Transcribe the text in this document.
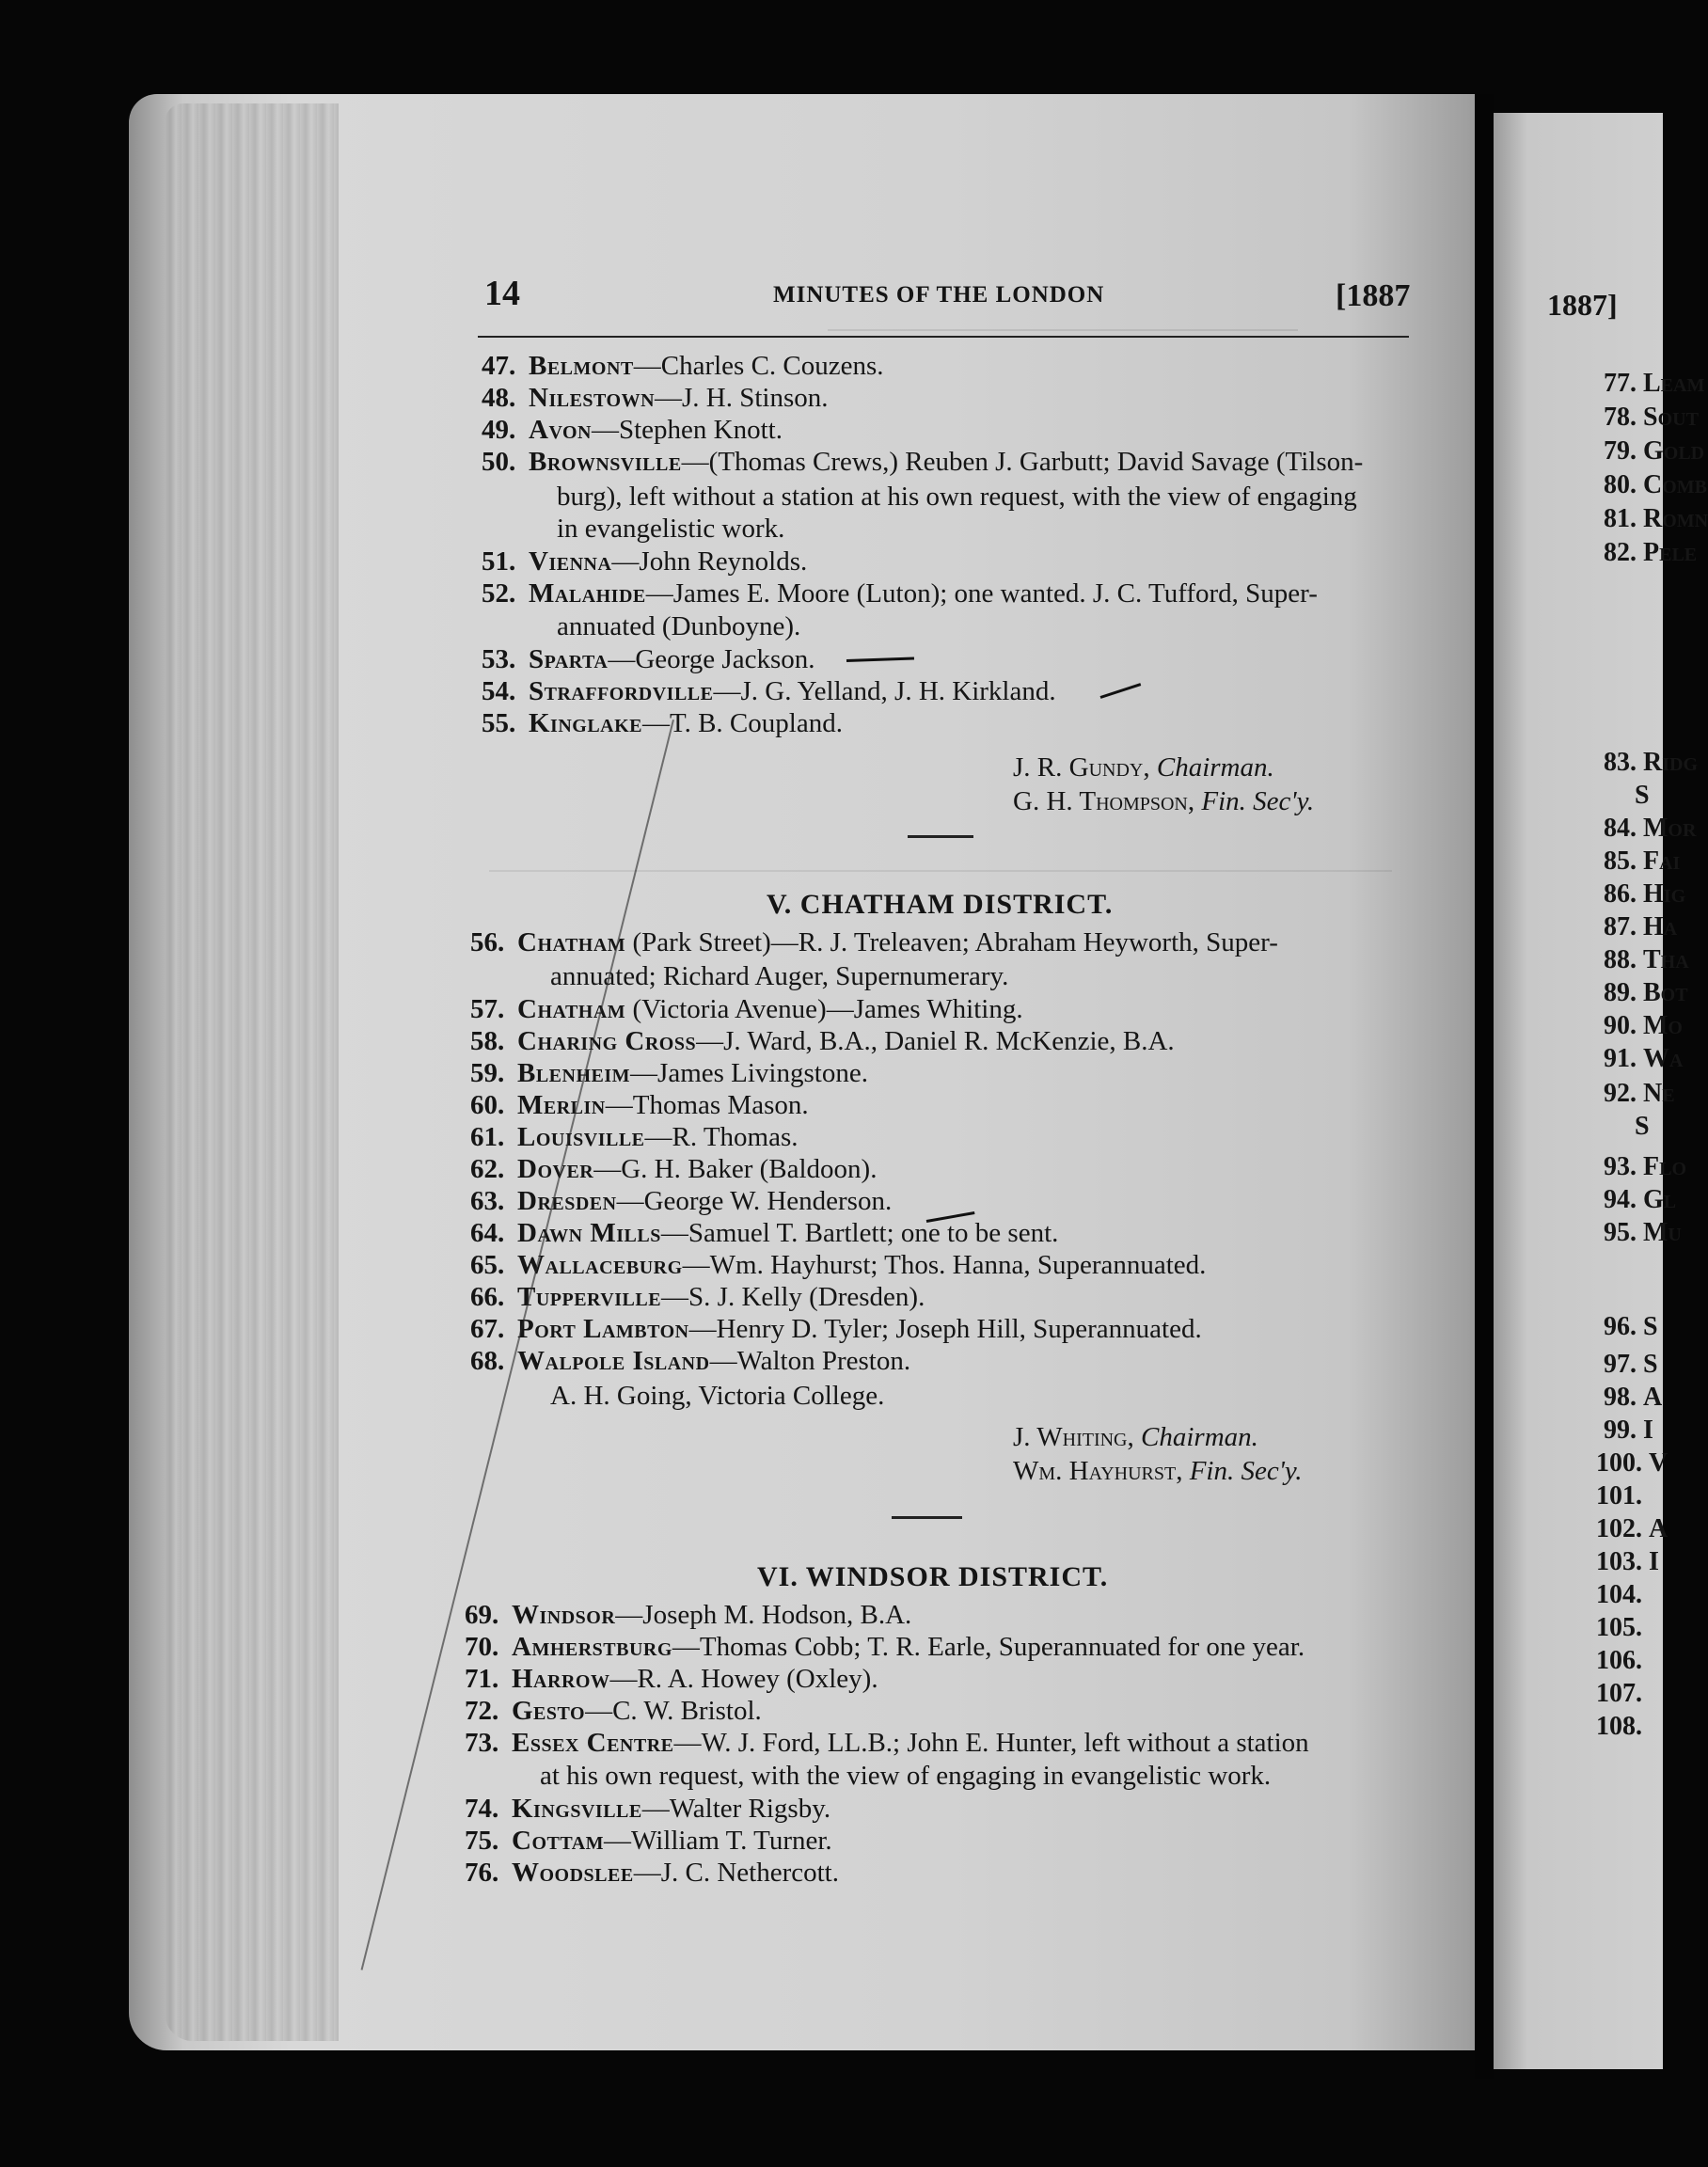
14	MINUTES OF THE LONDON	[1887	1887]
47. Belmont—Charles C. Couzens.
48. Nilestown—J. H. Stinson.
49. Avon—Stephen Knott.
50. Brownsville—(Thomas Crews,) Reuben J. Garbutt; David Savage (Tilson-
burg), left without a station at his own request, with the view of engaging
in evangelistic work.
51. Vienna—John Reynolds.
52. Malahide—James E. Moore (Luton); one wanted. J. C. Tufford, Super-
annuated (Dunboyne).
53. Sparta—George Jackson.
54. Straffordville—J. G. Yelland, J. H. Kirkland.
55. Kinglake—T. B. Coupland.
J. R. Gundy, Chairman.
G. H. Thompson, Fin. Sec'y.
V. CHATHAM DISTRICT.
56. Chatham (Park Street)—R. J. Treleaven; Abraham Heyworth, Super-
annuated; Richard Auger, Supernumerary.
57. Chatham (Victoria Avenue)—James Whiting.
58. Charing Cross—J. Ward, B.A., Daniel R. McKenzie, B.A.
59. Blenheim—James Livingstone.
60. Merlin—Thomas Mason.
61. Louisville—R. Thomas.
62. Dover—G. H. Baker (Baldoon).
63. Dresden—George W. Henderson.
64. Dawn Mills—Samuel T. Bartlett; one to be sent.
65. Wallaceburg—Wm. Hayhurst; Thos. Hanna, Superannuated.
66. Tupperville—S. J. Kelly (Dresden).
67. Port Lambton—Henry D. Tyler; Joseph Hill, Superannuated.
68. Walpole Island—Walton Preston.
A. H. Going, Victoria College.
J. Whiting, Chairman.
Wm. Hayhurst, Fin. Sec'y.
VI. WINDSOR DISTRICT.
69. Windsor—Joseph M. Hodson, B.A.
70. Amherstburg—Thomas Cobb; T. R. Earle, Superannuated for one year.
71. Harrow—R. A. Howey (Oxley).
72. Gesto—C. W. Bristol.
73. Essex Centre—W. J. Ford, LL.B.; John E. Hunter, left without a station
at his own request, with the view of engaging in evangelistic work.
74. Kingsville—Walter Rigsby.
75. Cottam—William T. Turner.
76. Woodslee—J. C. Nethercott.
77. Leam
78. Sout
79. Gold
80. Comb
81. Romn
82. Pele
83. Ridg
S
84. Mor
85. Fai
86. Hig
87. Ha
88. Tha
89. Bot
90. Mo
91. Wa
92. Ne
S
93. Flo
94. Gl
95. Mu
96. S
97. S
98. A
99. I
100. V
101.
102. A
103. I
104.
105.
106.
107.
108.
